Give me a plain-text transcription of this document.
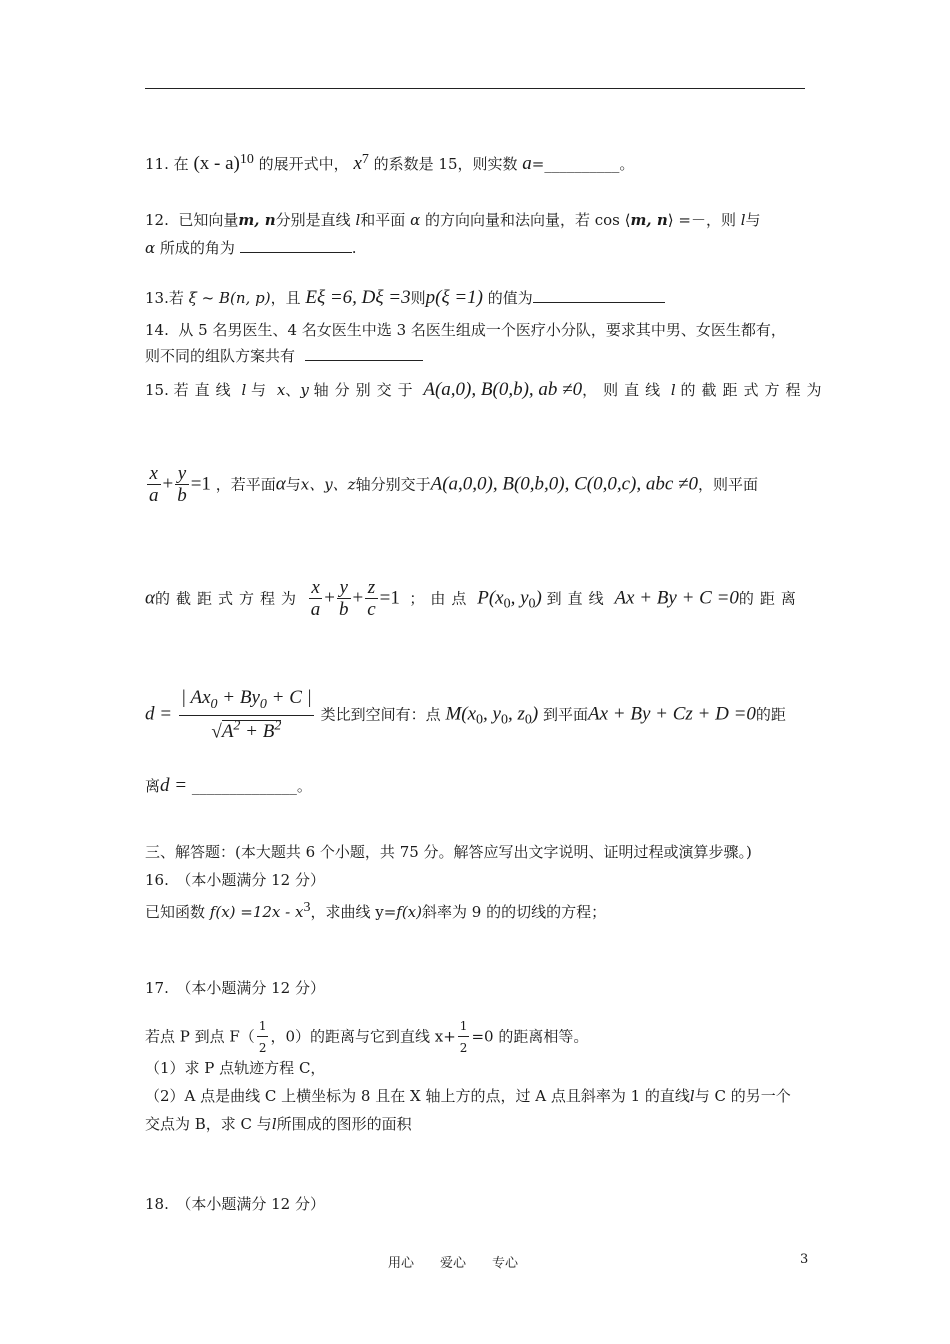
11. 在 (x - a)$^{10}$ 的展开式中， $x^7$ 的系数是 15，则实数 a=__________。
12. 已知向量m, n分别是直线 l和平面 α 的方向向量和法向量，若 cos ⟨m, n⟩ =－，则 l与
α 所成的角为	.
13.若 ξ ~ B(n, p)，且 Eξ =6, Dξ =3则p(ξ =1) 的值为
14. 从 5 名男医生、4 名女医生中选 3 名医生组成一个医疗小分队，要求其中男、女医生都有，
则不同的组队方案共有
15. 若直线 l 与 x、y 轴分别交于 A(a,0), B(0,b), ab ≠0，则直线 l 的截距式方程为
$\frac{x}{a} + \frac{y}{b} =1$ ，若平面α与x、y、z轴分别交于A(a,0,0), B(0,b,0), C(0,0,c), abc ≠0，则平面
α的截距式方程为 $\frac{x}{a} + \frac{y}{b} + \frac{z}{c} =1$ ；由点 $P(x_0$, $y_0$) 到直线 Ax + By + C =0的距离
$d = \frac{| Ax_0 + By_0 + C |}{√A^2 + B^2}$ 类比到空间有：点 $M(x_0$, $y_0$, $z_0$) 到平面Ax + By + Cz + D =0的距
离d = ______________。
三、解答题：(本大题共 6 个小题，共 75 分。解答应写出文字说明、证明过程或演算步骤。)
16.　（本小题满分 12 分）
已知函数 $f(x) =12x - x^3$，求曲线 y=f(x)斜率为 9 的的切线的方程；
17.　（本小题满分 12 分）
若点 P 到点 $F( \frac{1}{2}$ ，0）的距离与它到直线 $x+ \frac{1}{2} =0$ 的距离相等。
（1）求 P 点轨迹方程 C，
（2）A 点是曲线 C 上横坐标为 8 且在 X 轴上方的点，过 A 点且斜率为 1 的直线l与 C 的另一个
交点为 B，求 C 与l所围成的图形的面积
18.　（本小题满分 12 分）
用心　　爱心　　专心	3
